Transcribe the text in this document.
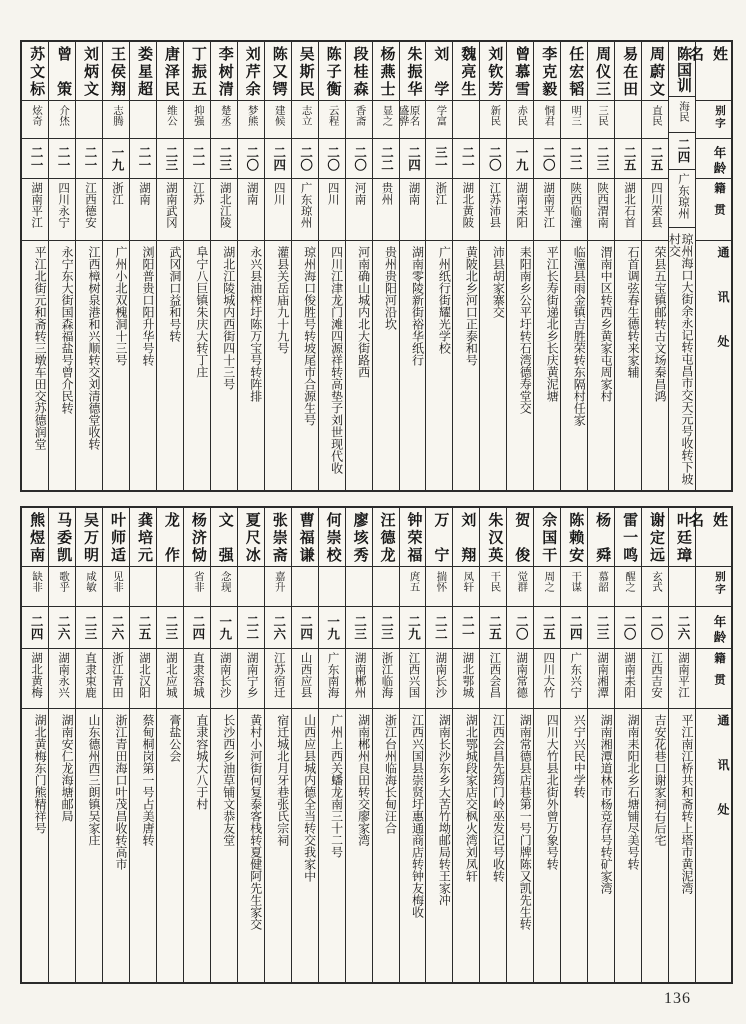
姓名
别字
年龄
籍贯
通讯处
陈国训
海民
二四
广东琼州
琼州海口大街余永记转屯昌市交天元号收转下坡村交
周蔚文
直民
二五
四川荣县
荣县五宝镇邮转古文场秦昌鸿
易在田
二五
湖北石首
石首调弦春生德转来家辅
周仪三
三民
二三
陕西渭南
渭南中区转西乡黄家屯周家村
任宏韬
明三
二二
陕西临潼
临潼县雨金镇吉胜荣转东隔村任家
李克毅
恫君
二〇
湖南平江
平江长寿街递北乡长庆黄泥塘
曾慕雪
赤民
一九
湖南耒阳
耒阳南乡公平圩转石湾德寿堂交
刘钦芳
新民
二〇
江苏沛县
沛县胡家寨交
魏亮生
二一
湖北黄陂
黄陂北乡河口正泰和号
刘学
学富
三一
浙江
广州纸行街耀光学校
朱振华
原名盛骅
二四
湖南
湖南零陵新街裕华纸行
杨燕士
显之
二二
贵州
贵州贵阳河沿坎
段桂森
香斋
二〇
河南
河南确山城内北大街路西
陈子衡
云程
二〇
四川
四川江津龙门滩四源祥转高垫子刘世现代收
吴斯民
志立
二〇
广东琼州
琼州海口俊胜号转坡尾市合源生号
陈又锷
建候
二四
四川
灌县关岳庙九十九号
刘芹余
梦熊
二〇
湖南
永兴县油榨圩陈万宝号转阵排
李树清
楚丞
二三
湖北江陵
湖北江陵城内西街四十三号
丁振五
抑强
二一
江苏
阜宁八巨镇朱庆大转丁庄
唐泽民
维公
二三
湖南武冈
武冈洞口益和号转
娄星超
二一
湖南
浏阳普贵口阳升华号转
王侯翔
志腾
一九
浙江
广州小北双槐洞十三号
刘炳文
二一
江西德安
江西樟树泉港和兴顺转交刘清德堂收转
曾策
介烋
二一
四川永宁
永宁东大街国森福盐号曾介民转
苏文标
炫奇
二一
湖南平江
平江北街元和斋转三墩车田交苏德润堂
姓名
别字
年龄
籍贯
通讯处
叶廷璋
二六
湖南平江
平江南江桥共和斋转上塔市黄泥湾
谢定远
玄式
二〇
江西吉安
吉安花巷口谢家祠右后宅
雷一鸣
醒之
二〇
湖南耒阳
湖南耒阳北乡石塘铺尽美号转
杨舜
慕韶
二三
湖南湘潭
湖南湘潭道林市杨竞存号转矿家湾
陈赖安
干谋
二四
广东兴宁
兴宁兴民中学转
佘国干
周之
二五
四川大竹
四川大竹县北街外曾万象号转
贺俊
觉群
二〇
湖南常德
湖南常德县店巷第一号门牌陈又凯先生转
朱汉英
干民
二五
江西会昌
江西会昌先筠门岭巫发记号收转
刘翔
凤轩
二一
湖北鄂城
湖北鄂城段家店交枫火湾刘凤轩
万宁
揣怀
二二
湖南长沙
湖南长沙东乡大苦竹坳邮局转王家冲
钟荣福
庹五
二九
江西兴国
江西兴国县崇贤圩惠通商店转钟友梅收
汪德龙
二三
浙江临海
浙江台州临海长甸汪合
廖垓秀
二三
湖南郴州
湖南郴州良田转交廖家湾
何崇校
一九
广东南海
广州上西关蟠龙南三十二号
曹福谦
二四
山西应县
山西应县城内德全当转交我家中
张崇斋
嘉升
二六
江苏宿迁
宿迁城北月牙巷张氏宗祠
夏尺冰
二二
湖南宁乡
黄村小河街何复泰客栈转夏健阿先生家交
文强
念现
一九
湖南长沙
长沙西乡油草铺文恭友堂
杨济恸
省非
二四
直隶容城
直隶容城大八于村
龙作
二三
湖北应城
膏盐公会
龚培元
二五
湖北汉阳
蔡甸桐岗第一号占美唐转
叶师适
见非
二六
浙江青田
浙江青田海口叶茂昌收转高市
吴万明
咸敏
二三
直隶束鹿
山东德州西三朗镇吴家庄
马委凯
歌乎
二六
湖南永兴
湖南安仁龙海塘邮局
熊煜南
缺非
二四
湖北黄梅
湖北黄梅东门熊精祥号
136
